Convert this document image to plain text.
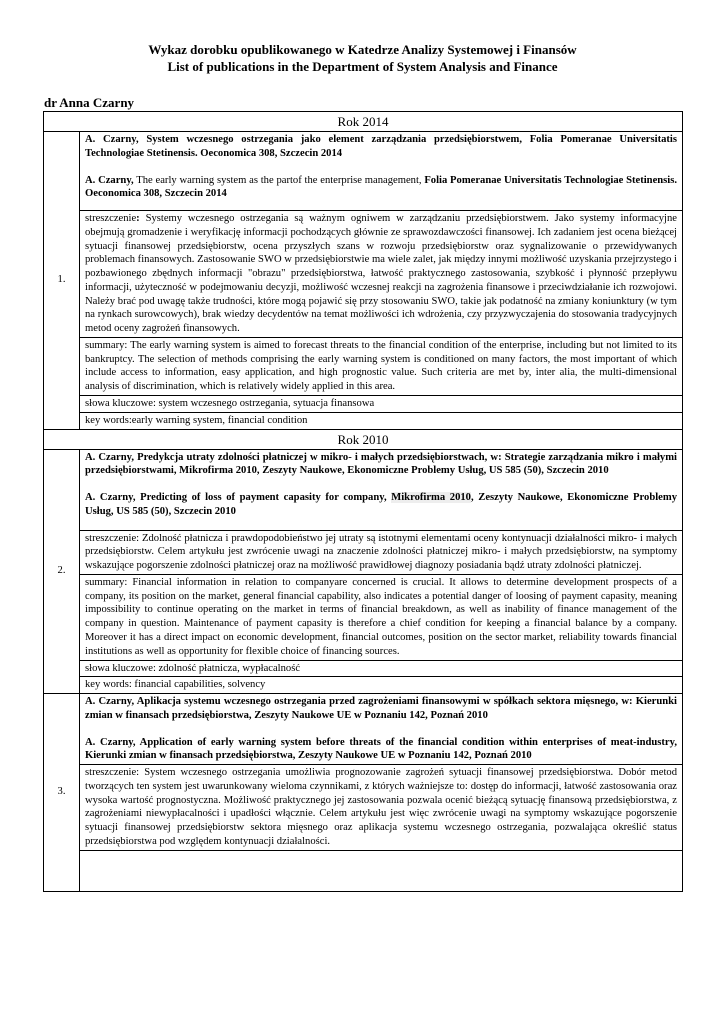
Wykaz dorobku opublikowanego w Katedrze Analizy Systemowej i Finansów
List of publications in the Department of System Analysis and Finance
dr Anna Czarny
Rok 2014	
1.	A. Czarny, System wczesnego ostrzegania jako element zarządzania przedsiębiorstwem, Folia Pomeranae Universitatis Technologiae Stetinensis. Oeconomica 308, Szczecin 2014
A. Czarny, The early warning system as the partof the enterprise management, Folia Pomeranae Universitatis Technologiae Stetinensis. Oeconomica 308, Szczecin 2014

	streszczenie: Systemy wczesnego ostrzegania są ważnym ogniwem w zarządzaniu przedsiębiorstwem. Jako systemy informacyjne obejmują gromadzenie i weryfikację informacji pochodzących głównie ze sprawozdawczości finansowej. Ich zadaniem jest ocena bieżącej sytuacji finansowej przedsiębiorstw, ocena przyszłych szans w rozwoju przedsiębiorstw oraz sygnalizowanie o przewidywanych problemach finansowych. Zastosowanie SWO w przedsiębiorstwie ma wiele zalet, jak między innymi możliwość uzyskania przejrzystego i pozbawionego zbędnych informacji "obrazu" przedsiębiorstwa, łatwość praktycznego zastosowania, szybkość i płynność przepływu informacji, użyteczność w podejmowaniu decyzji, możliwość wczesnej reakcji na zagrożenia finansowe i przeciwdziałanie ich rozwojowi. Należy brać pod uwagę także trudności, które mogą pojawić się przy stosowaniu SWO, takie jak podatność na zmiany koniunktury (w tym na rynkach surowcowych), brak wiedzy decydentów na temat możliwości ich wdrożenia, czy przyzwyczajenia do stosowania tradycyjnych metod oceny zagrożeń finansowych.
	summary: The early warning system is aimed to forecast threats to the financial condition of the enterprise, including but not limited to its bankruptcy. The selection of methods comprising the early warning system is conditioned on many factors, the most important of which include access to information, easy application, and high prognostic value. Such criteria are met by, inter alia, the multi-dimensional analysis of discrimination, which is relatively widely applied in this area.
	słowa kluczowe: system wczesnego ostrzegania, sytuacja finansowa
	key words:early warning system, financial condition
Rok 2010	
2.	A. Czarny, Predykcja utraty zdolności płatniczej w mikro- i małych przedsiębiorstwach, w: Strategie zarządzania mikro i małymi przedsiębiorstwami, Mikrofirma 2010, Zeszyty Naukowe, Ekonomiczne Problemy Usług, US 585 (50), Szczecin 2010
A. Czarny, Predicting of loss of payment capasity for company, Mikrofirma 2010, Zeszyty Naukowe, Ekonomiczne Problemy Usług, US 585 (50), Szczecin 2010

	streszczenie: Zdolność płatnicza i prawdopodobieństwo jej utraty są istotnymi elementami oceny kontynuacji działalności mikro- i małych przedsiębiorstw. Celem artykułu jest zwrócenie uwagi na znaczenie zdolności płatniczej mikro- i małych przedsiębiorstw, na symptomy wskazujące pogorszenie zdolności płatniczej oraz na możliwość prawidłowej diagnozy posiadania bądź utraty zdolności płatniczej.
	summary: Financial information in relation to companyare concerned is crucial. It allows to determine development prospects of a company, its position on the market, general financial capability, also indicates a potential danger of loosing of payment capasity, meaning impossibility to continue operating on the market in terms of financial breakdown, as well as inability of finance management of the company in question. Maintenance of payment capasity is therefore a chief condition for keeping a financial balance by a company. Moreover it has a direct impact on economic development, financial outcomes, position on the sector market, reliability towards financial institutions as well as opportunity for flexible choice of financing sources.
	słowa kluczowe: zdolność płatnicza, wypłacalność
	key words: financial capabilities, solvency
3.	A. Czarny, Aplikacja systemu wczesnego ostrzegania przed zagrożeniami finansowymi w spółkach sektora mięsnego, w: Kierunki zmian w finansach przedsiębiorstwa, Zeszyty Naukowe UE w Poznaniu 142, Poznań 2010
A. Czarny, Application of early warning system before threats of the financial condition within enterprises of meat-industry, Kierunki zmian w finansach przedsiębiorstwa, Zeszyty Naukowe UE w Poznaniu 142, Poznań 2010

	streszczenie: System wczesnego ostrzegania umożliwia prognozowanie zagrożeń sytuacji finansowej przedsiębiorstwa. Dobór metod tworzących ten system jest uwarunkowany wieloma czynnikami, z których ważniejsze to: dostęp do informacji, łatwość zastosowania oraz wysoka wartość prognostyczna. Możliwość praktycznego jej zastosowania pozwala ocenić bieżącą sytuację finansową przedsiębiorstwa, z zagrożeniami niewypłacalności i upadłości włącznie. Celem artykułu jest więc zwrócenie uwagi na symptomy wskazujące pogorszenie sytuacji finansowej przedsiębiorstw sektora mięsnego oraz aplikacja systemu wczesnego ostrzegania, pozwalająca określić status przedsiębiorstwa pod względem kontynuacji działalności.
